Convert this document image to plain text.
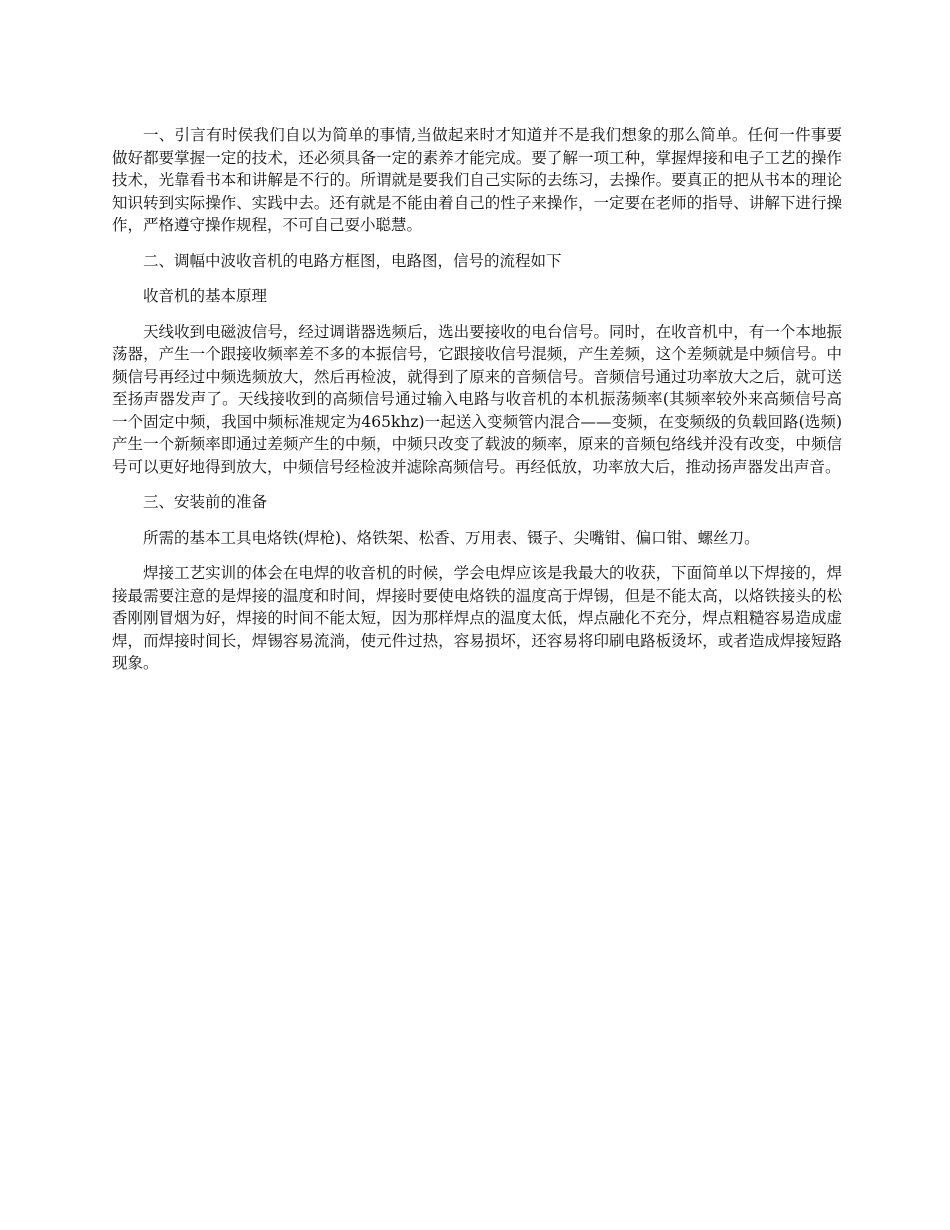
一、引言有时侯我们自以为简单的事情,当做起来时才知道并不是我们想象的那么简单。任何一件事要做好都要掌握一定的技术，还必须具备一定的素养才能完成。要了解一项工种，掌握焊接和电子工艺的操作技术，光靠看书本和讲解是不行的。所谓就是要我们自己实际的去练习，去操作。要真正的把从书本的理论知识转到实际操作、实践中去。还有就是不能由着自己的性子来操作，一定要在老师的指导、讲解下进行操作，严格遵守操作规程，不可自己耍小聪慧。

二、调幅中波收音机的电路方框图，电路图，信号的流程如下

收音机的基本原理

天线收到电磁波信号，经过调谐器选频后，选出要接收的电台信号。同时，在收音机中，有一个本地振荡器，产生一个跟接收频率差不多的本振信号，它跟接收信号混频，产生差频，这个差频就是中频信号。中频信号再经过中频选频放大，然后再检波，就得到了原来的音频信号。音频信号通过功率放大之后，就可送至扬声器发声了。天线接收到的高频信号通过输入电路与收音机的本机振荡频率(其频率较外来高频信号高一个固定中频，我国中频标准规定为465khz)一起送入变频管内混合——变频，在变频级的负载回路(选频)产生一个新频率即通过差频产生的中频，中频只改变了载波的频率，原来的音频包络线并没有改变，中频信号可以更好地得到放大，中频信号经检波并滤除高频信号。再经低放，功率放大后，推动扬声器发出声音。

三、安装前的准备

所需的基本工具电烙铁(焊枪)、烙铁架、松香、万用表、镊子、尖嘴钳、偏口钳、螺丝刀。

焊接工艺实训的体会在电焊的收音机的时候，学会电焊应该是我最大的收获，下面简单以下焊接的，焊接最需要注意的是焊接的温度和时间，焊接时要使电烙铁的温度高于焊锡，但是不能太高，以烙铁接头的松香刚刚冒烟为好，焊接的时间不能太短，因为那样焊点的温度太低，焊点融化不充分，焊点粗糙容易造成虚焊，而焊接时间长，焊锡容易流淌，使元件过热，容易损坏，还容易将印刷电路板烫坏，或者造成焊接短路现象。
